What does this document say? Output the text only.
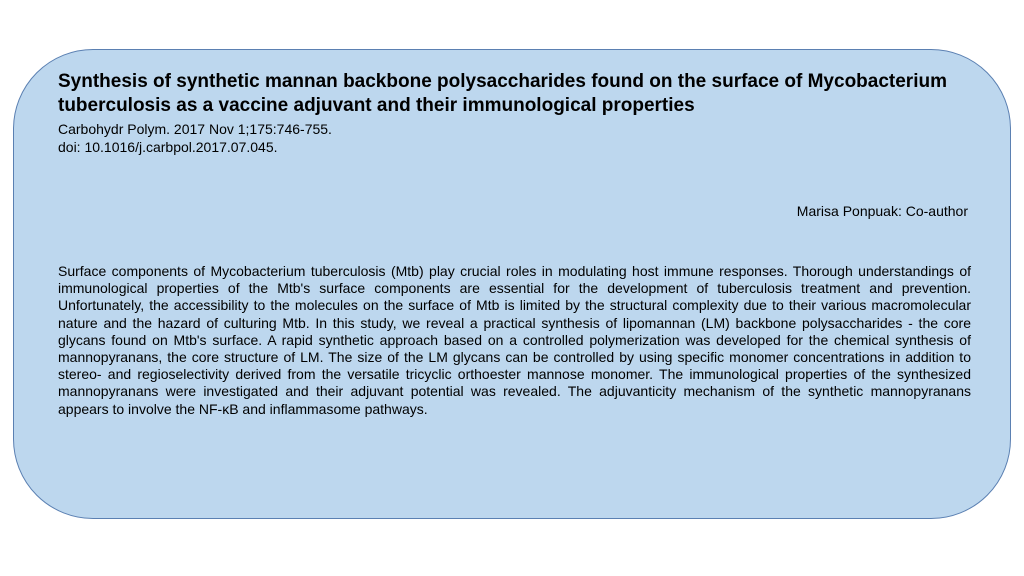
Synthesis of synthetic mannan backbone polysaccharides found on the surface of Mycobacterium tuberculosis as a vaccine adjuvant and their immunological properties
Carbohydr Polym. 2017 Nov 1;175:746-755.
doi: 10.1016/j.carbpol.2017.07.045.
Marisa Ponpuak: Co-author

Surface components of Mycobacterium tuberculosis (Mtb) play crucial roles in modulating host immune responses. Thorough understandings of immunological properties of the Mtb's surface components are essential for the development of tuberculosis treatment and prevention. Unfortunately, the accessibility to the molecules on the surface of Mtb is limited by the structural complexity due to their various macromolecular nature and the hazard of culturing Mtb. In this study, we reveal a practical synthesis of lipomannan (LM) backbone polysaccharides - the core glycans found on Mtb's surface. A rapid synthetic approach based on a controlled polymerization was developed for the chemical synthesis of mannopyranans, the core structure of LM. The size of the LM glycans can be controlled by using specific monomer concentrations in addition to stereo- and regioselectivity derived from the versatile tricyclic orthoester mannose monomer. The immunological properties of the synthesized mannopyranans were investigated and their adjuvant potential was revealed. The adjuvanticity mechanism of the synthetic mannopyranans appears to involve the NF-κB and inflammasome pathways.
